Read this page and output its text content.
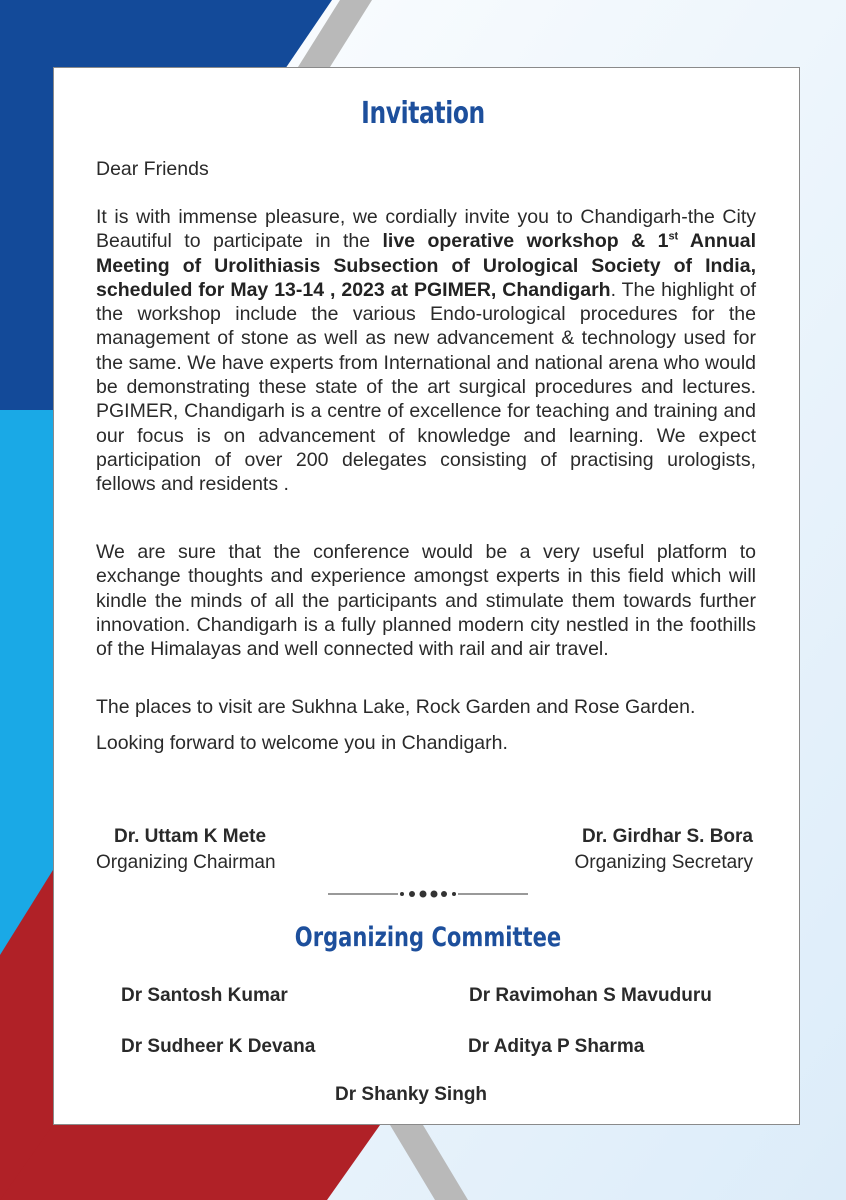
Invitation
Dear Friends
It is with immense pleasure, we cordially invite you to Chandigarh-the City Beautiful to participate in the live operative workshop & 1st Annual Meeting of Urolithiasis Subsection of Urological Society of India, scheduled for May 13-14 , 2023 at PGIMER, Chandigarh. The highlight of the workshop include the various Endo-urological procedures for the management of stone as well as new advancement & technology used for the same. We have experts from International and national arena who would be demonstrating these state of the art surgical procedures and lectures. PGIMER, Chandigarh is a centre of excellence for teaching and training and our focus is on advancement of knowledge and learning. We expect participation of over 200 delegates consisting of practising urologists, fellows and residents .
We are sure that the conference would be a very useful platform to exchange thoughts and experience amongst experts in this field which will kindle the minds of all the participants and stimulate them towards further innovation. Chandigarh is a fully planned modern city nestled in the foothills of the Himalayas and well connected with rail and air travel.
The places to visit are Sukhna Lake, Rock Garden and Rose Garden.
Looking forward to welcome you in Chandigarh.
Dr. Uttam K Mete
Organizing Chairman
Dr. Girdhar S. Bora
Organizing Secretary
Organizing Committee
Dr Santosh Kumar	Dr Ravimohan S Mavuduru
Dr Sudheer K Devana	Dr Aditya P Sharma
Dr Shanky Singh
